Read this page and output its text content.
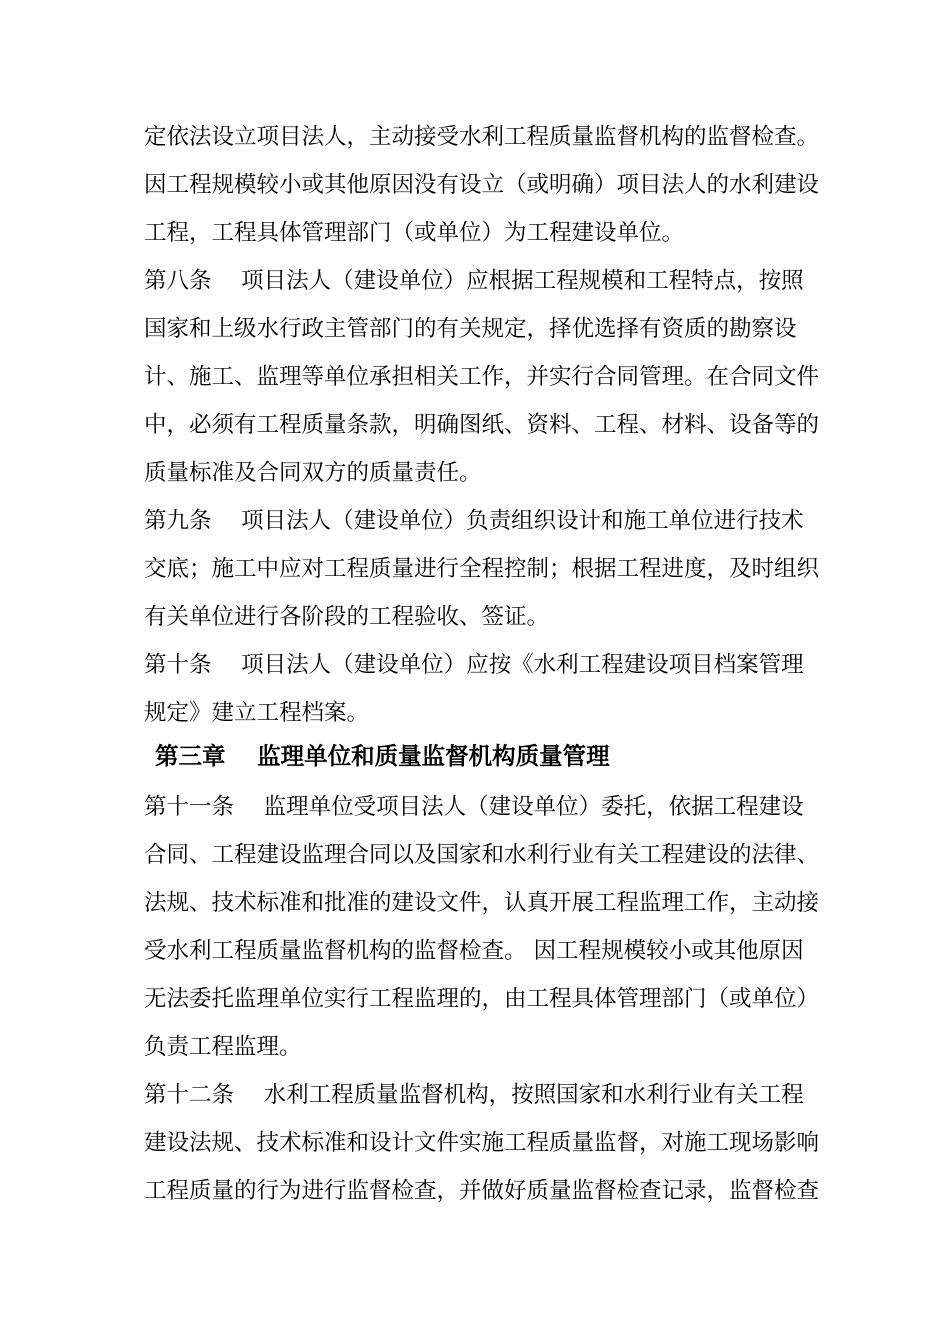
定依法设立项目法人，主动接受水利工程质量监督机构的监督检查。
因工程规模较小或其他原因没有设立（或明确）项目法人的水利建设
工程，工程具体管理部门（或单位）为工程建设单位。
第八条　 项目法人（建设单位）应根据工程规模和工程特点，按照
国家和上级水行政主管部门的有关规定，择优选择有资质的勘察设
计、施工、监理等单位承担相关工作，并实行合同管理。在合同文件
中，必须有工程质量条款，明确图纸、资料、工程、材料、设备等的
质量标准及合同双方的质量责任。
第九条　 项目法人（建设单位）负责组织设计和施工单位进行技术
交底；施工中应对工程质量进行全程控制；根据工程进度，及时组织
有关单位进行各阶段的工程验收、签证。
第十条　 项目法人（建设单位）应按《水利工程建设项目档案管理
规定》建立工程档案。
第三章　 监理单位和质量监督机构质量管理
第十一条　 监理单位受项目法人（建设单位）委托，依据工程建设
合同、工程建设监理合同以及国家和水利行业有关工程建设的法律、
法规、技术标准和批准的建设文件，认真开展工程监理工作，主动接
受水利工程质量监督机构的监督检查。 因工程规模较小或其他原因
无法委托监理单位实行工程监理的，由工程具体管理部门（或单位）
负责工程监理。
第十二条　 水利工程质量监督机构，按照国家和水利行业有关工程
建设法规、技术标准和设计文件实施工程质量监督，对施工现场影响
工程质量的行为进行监督检查，并做好质量监督检查记录，监督检查
